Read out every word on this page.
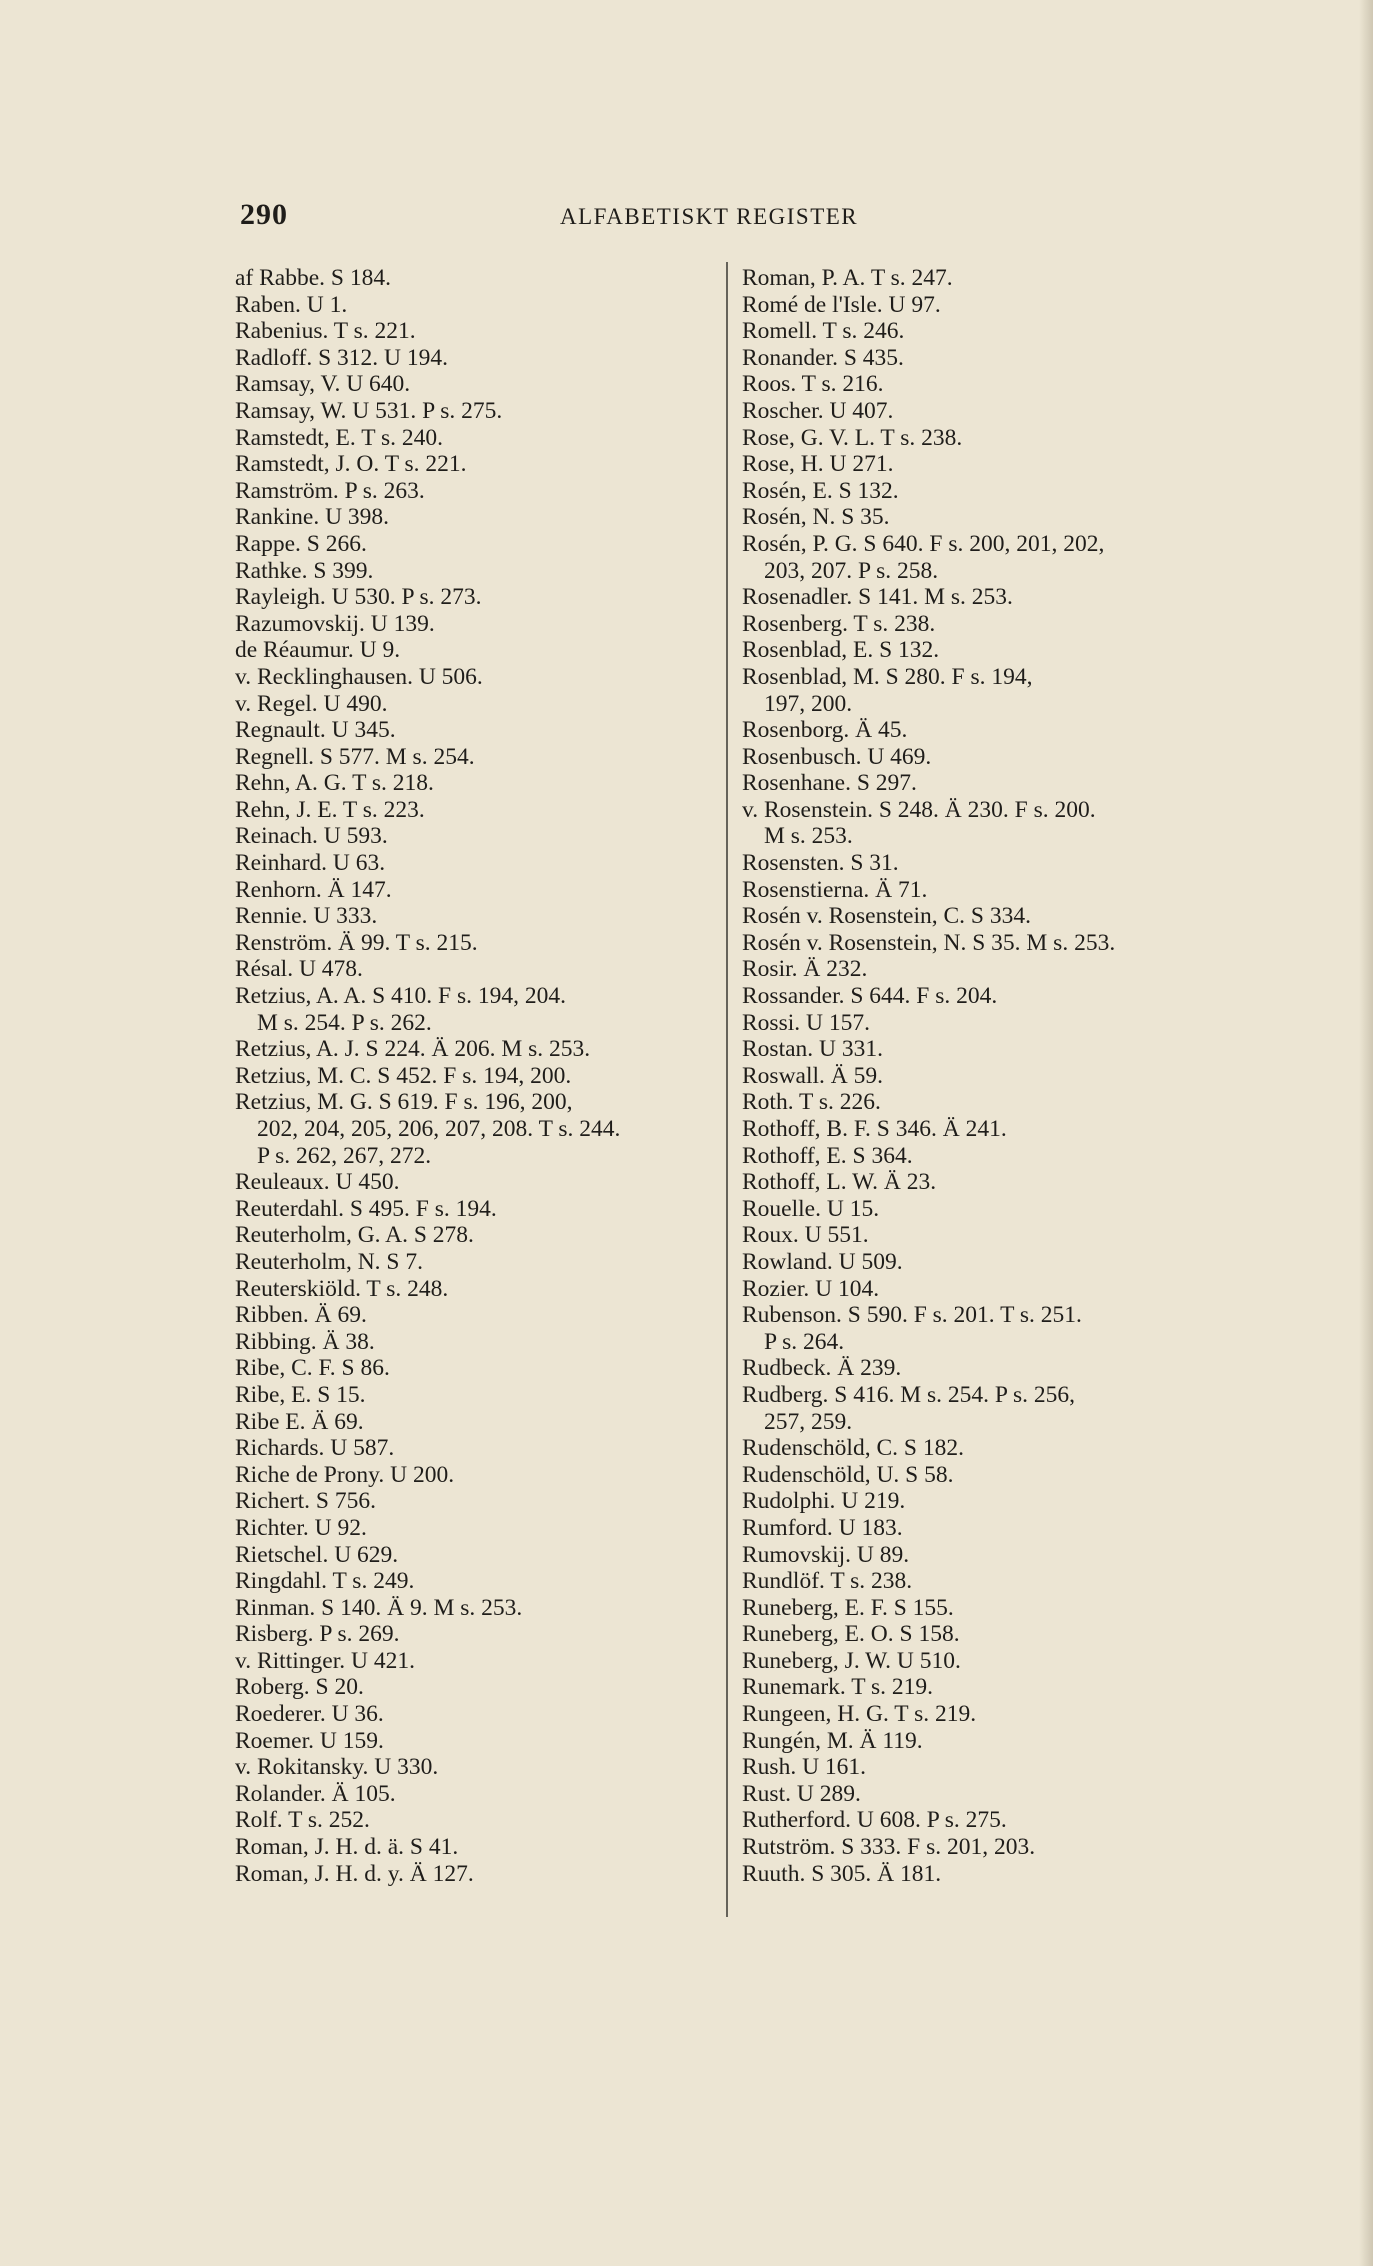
290	ALFABETISKT REGISTER
af Rabbe. S 184.
Raben. U 1.
Rabenius. T s. 221.
Radloff. S 312. U 194.
Ramsay, V. U 640.
Ramsay, W. U 531. P s. 275.
Ramstedt, E. T s. 240.
Ramstedt, J. O. T s. 221.
Ramström. P s. 263.
Rankine. U 398.
Rappe. S 266.
Rathke. S 399.
Rayleigh. U 530. P s. 273.
Razumovskij. U 139.
de Réaumur. U 9.
v. Recklinghausen. U 506.
v. Regel. U 490.
Regnault. U 345.
Regnell. S 577. M s. 254.
Rehn, A. G. T s. 218.
Rehn, J. E. T s. 223.
Reinach. U 593.
Reinhard. U 63.
Renhorn. Ä 147.
Rennie. U 333.
Renström. Ä 99. T s. 215.
Résal. U 478.
Retzius, A. A. S 410. F s. 194, 204.
M s. 254. P s. 262.
Retzius, A. J. S 224. Ä 206. M s. 253.
Retzius, M. C. S 452. F s. 194, 200.
Retzius, M. G. S 619. F s. 196, 200,
202, 204, 205, 206, 207, 208. T s. 244.
P s. 262, 267, 272.
Reuleaux. U 450.
Reuterdahl. S 495. F s. 194.
Reuterholm, G. A. S 278.
Reuterholm, N. S 7.
Reuterskiöld. T s. 248.
Ribben. Ä 69.
Ribbing. Ä 38.
Ribe, C. F. S 86.
Ribe, E. S 15.
Ribe E. Ä 69.
Richards. U 587.
Riche de Prony. U 200.
Richert. S 756.
Richter. U 92.
Rietschel. U 629.
Ringdahl. T s. 249.
Rinman. S 140. Ä 9. M s. 253.
Risberg. P s. 269.
v. Rittinger. U 421.
Roberg. S 20.
Roederer. U 36.
Roemer. U 159.
v. Rokitansky. U 330.
Rolander. Ä 105.
Rolf. T s. 252.
Roman, J. H. d. ä. S 41.
Roman, J. H. d. y. Ä 127.
Roman, P. A. T s. 247.
Romé de l'Isle. U 97.
Romell. T s. 246.
Ronander. S 435.
Roos. T s. 216.
Roscher. U 407.
Rose, G. V. L. T s. 238.
Rose, H. U 271.
Rosén, E. S 132.
Rosén, N. S 35.
Rosén, P. G. S 640. F s. 200, 201, 202,
203, 207. P s. 258.
Rosenadler. S 141. M s. 253.
Rosenberg. T s. 238.
Rosenblad, E. S 132.
Rosenblad, M. S 280. F s. 194,
197, 200.
Rosenborg. Ä 45.
Rosenbusch. U 469.
Rosenhane. S 297.
v. Rosenstein. S 248. Ä 230. F s. 200.
M s. 253.
Rosensten. S 31.
Rosenstierna. Ä 71.
Rosén v. Rosenstein, C. S 334.
Rosén v. Rosenstein, N. S 35. M s. 253.
Rosir. Ä 232.
Rossander. S 644. F s. 204.
Rossi. U 157.
Rostan. U 331.
Roswall. Ä 59.
Roth. T s. 226.
Rothoff, B. F. S 346. Ä 241.
Rothoff, E. S 364.
Rothoff, L. W. Ä 23.
Rouelle. U 15.
Roux. U 551.
Rowland. U 509.
Rozier. U 104.
Rubenson. S 590. F s. 201. T s. 251.
P s. 264.
Rudbeck. Ä 239.
Rudberg. S 416. M s. 254. P s. 256,
257, 259.
Rudenschöld, C. S 182.
Rudenschöld, U. S 58.
Rudolphi. U 219.
Rumford. U 183.
Rumovskij. U 89.
Rundlöf. T s. 238.
Runeberg, E. F. S 155.
Runeberg, E. O. S 158.
Runeberg, J. W. U 510.
Runemark. T s. 219.
Rungeen, H. G. T s. 219.
Rungén, M. Ä 119.
Rush. U 161.
Rust. U 289.
Rutherford. U 608. P s. 275.
Rutström. S 333. F s. 201, 203.
Ruuth. S 305. Ä 181.
